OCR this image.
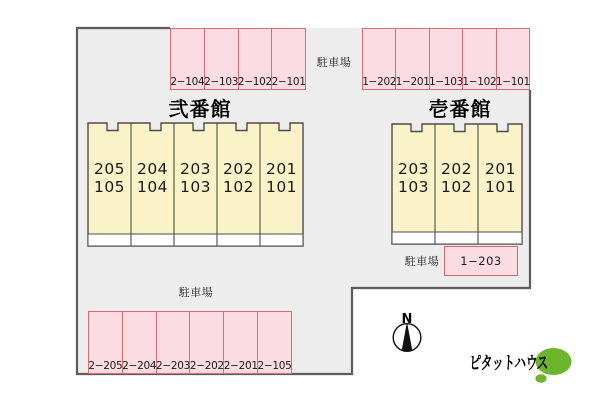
N
2−104 2−103 2−102 2−101	1−202 1−201 1−103 1−102 1−101
2−205 2−204 2−203 2−202 2−201 2−105
1−203
駐車場
駐車場
駐車場
弐番館	壱番館
205
105
204
104
203
103
202
102
201
101
203
103
202
102
201
101
ピタットハウス
